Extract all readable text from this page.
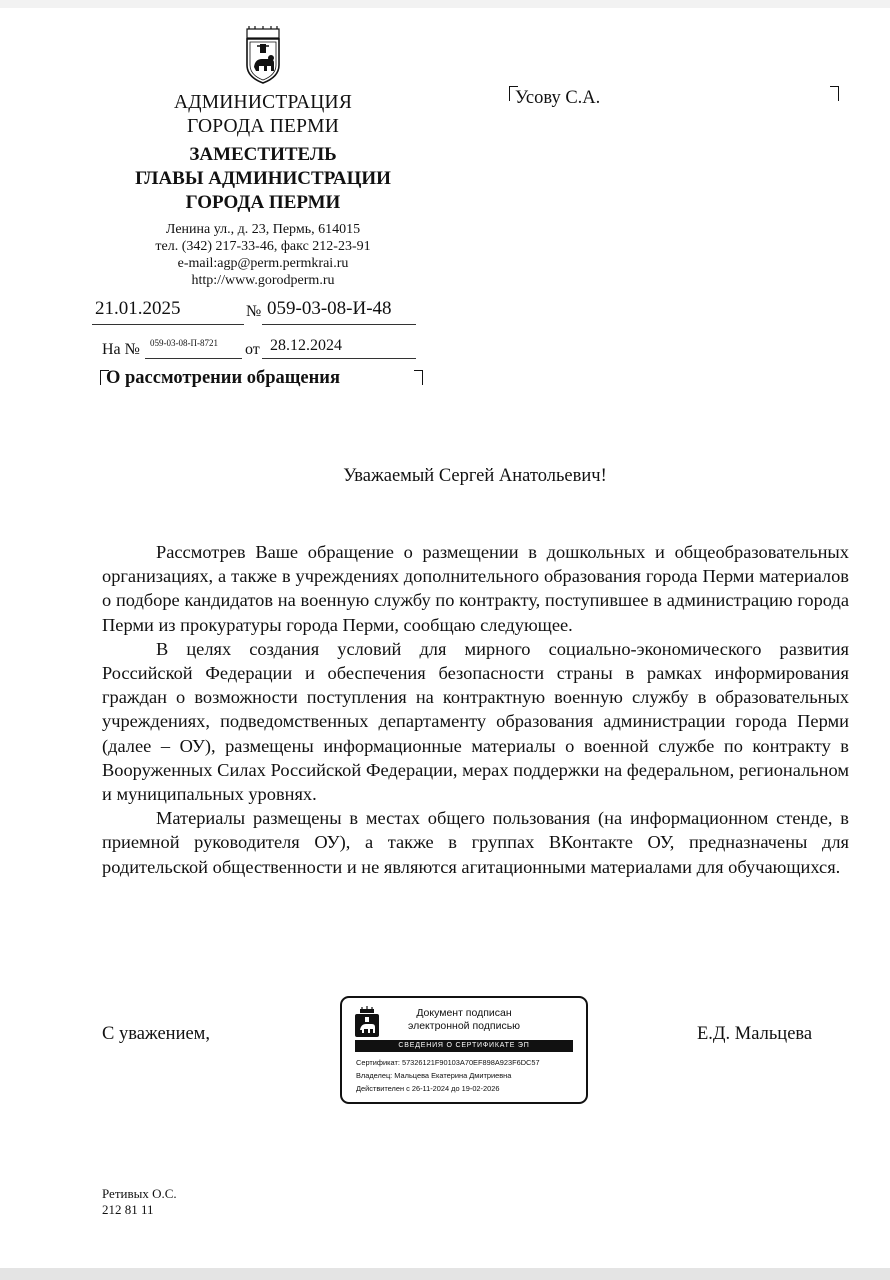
АДМИНИСТРАЦИЯ
ГОРОДА ПЕРМИ
ЗАМЕСТИТЕЛЬ
ГЛАВЫ АДМИНИСТРАЦИИ
ГОРОДА ПЕРМИ
Ленина ул., д. 23, Пермь, 614015
тел. (342) 217-33-46, факс 212-23-91
e-mail:agp@perm.permkrai.ru
http://www.gorodperm.ru
Усову С.А.
21.01.2025	№ 059-03-08-И-48
На № 059-03-08-П-8721 от 28.12.2024
О рассмотрении обращения
Уважаемый Сергей Анатольевич!

Рассмотрев Ваше обращение о размещении в дошкольных и общеобразовательных организациях, а также в учреждениях дополнительного образования города Перми материалов о подборе кандидатов на военную службу по контракту, поступившее в администрацию города Перми из прокуратуры города Перми, сообщаю следующее.

В целях создания условий для мирного социально-экономического развития Российской Федерации и обеспечения безопасности страны в рамках информирования граждан о возможности поступления на контрактную военную службу в образовательных учреждениях, подведомственных департаменту образования администрации города Перми (далее – ОУ), размещены информационные материалы о военной службе по контракту в Вооруженных Силах Российской Федерации, мерах поддержки на федеральном, региональном и муниципальных уровнях.

Материалы размещены в местах общего пользования (на информационном стенде, в приемной руководителя ОУ), а также в группах ВКонтакте ОУ, предназначены для родительской общественности и не являются агитационными материалами для обучающихся.

С уважением,
Документ подписан
электронной подписью
СВЕДЕНИЯ О СЕРТИФИКАТЕ ЭП
Сертификат: 57326121F90103A70EF898A923F6DC57
Владелец: Мальцева Екатерина Дмитриевна
Действителен с 26-11-2024 до 19-02-2026
Е.Д. Мальцева
Ретивых О.С.
212 81 11
